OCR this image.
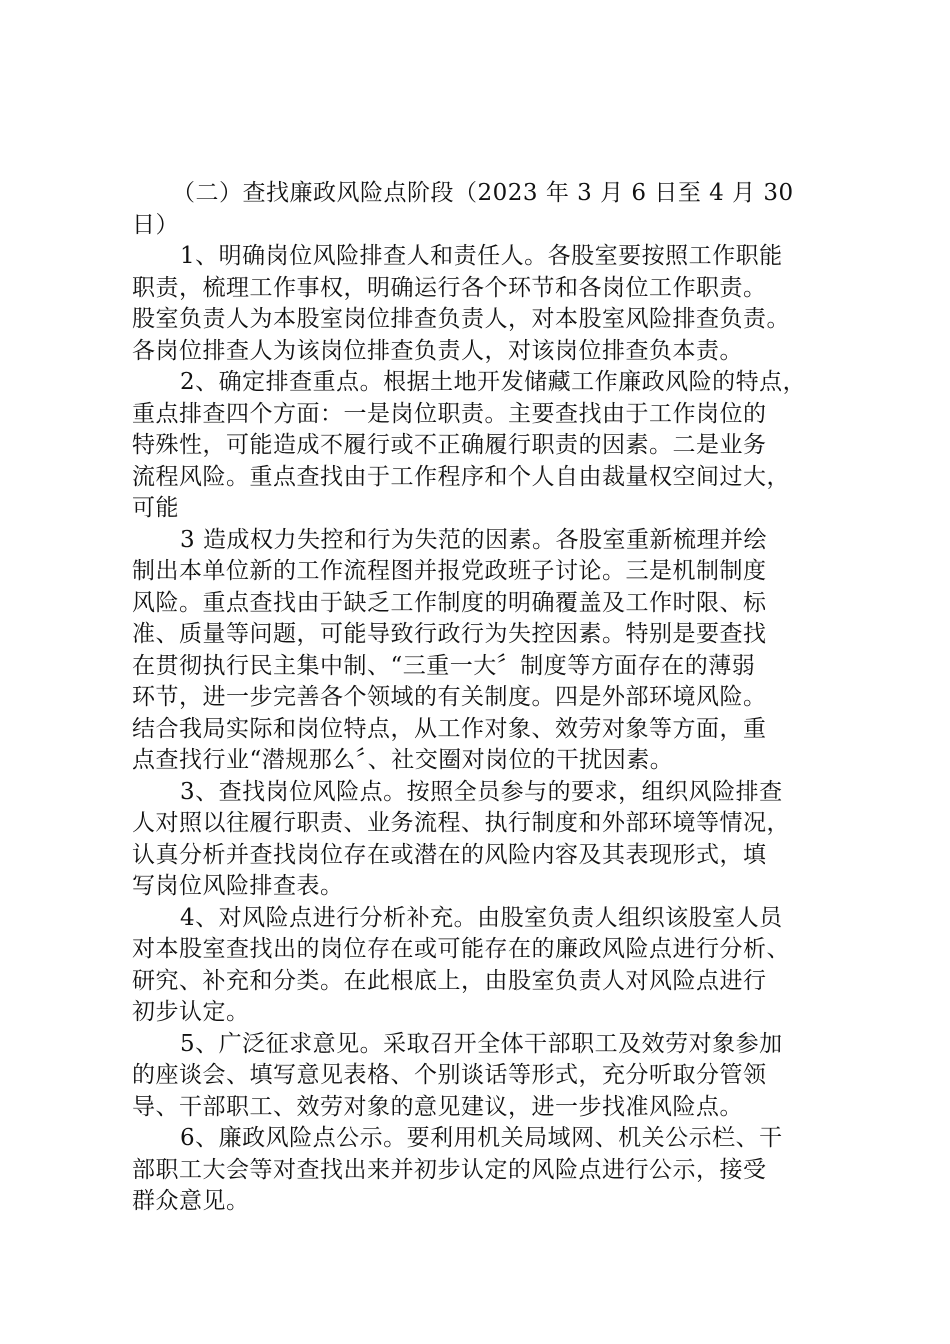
（二）查找廉政风险点阶段（2023 年 3 月 6 日至 4 月 30
日）

1、明确岗位风险排查人和责任人。各股室要按照工作职能
职责，梳理工作事权，明确运行各个环节和各岗位工作职责。
股室负责人为本股室岗位排查负责人，对本股室风险排查负责。
各岗位排查人为该岗位排查负责人，对该岗位排查负本责。

2、确定排查重点。根据土地开发储藏工作廉政风险的特点，
重点排查四个方面：一是岗位职责。主要查找由于工作岗位的
特殊性，可能造成不履行或不正确履行职责的因素。二是业务
流程风险。重点查找由于工作程序和个人自由裁量权空间过大，
可能

3 造成权力失控和行为失范的因素。各股室重新梳理并绘
制出本单位新的工作流程图并报党政班子讨论。三是机制制度
风险。重点查找由于缺乏工作制度的明确覆盖及工作时限、标
准、质量等问题，可能导致行政行为失控因素。特别是要查找
在贯彻执行民主集中制、“三重一大〞制度等方面存在的薄弱
环节，进一步完善各个领域的有关制度。四是外部环境风险。
结合我局实际和岗位特点，从工作对象、效劳对象等方面，重
点查找行业“潜规那么〞、社交圈对岗位的干扰因素。

3、查找岗位风险点。按照全员参与的要求，组织风险排查
人对照以往履行职责、业务流程、执行制度和外部环境等情况，
认真分析并查找岗位存在或潜在的风险内容及其表现形式，填
写岗位风险排查表。

4、对风险点进行分析补充。由股室负责人组织该股室人员
对本股室查找出的岗位存在或可能存在的廉政风险点进行分析、
研究、补充和分类。在此根底上，由股室负责人对风险点进行
初步认定。

5、广泛征求意见。采取召开全体干部职工及效劳对象参加
的座谈会、填写意见表格、个别谈话等形式，充分听取分管领
导、干部职工、效劳对象的意见建议，进一步找准风险点。

6、廉政风险点公示。要利用机关局域网、机关公示栏、干
部职工大会等对查找出来并初步认定的风险点进行公示，接受
群众意见。
